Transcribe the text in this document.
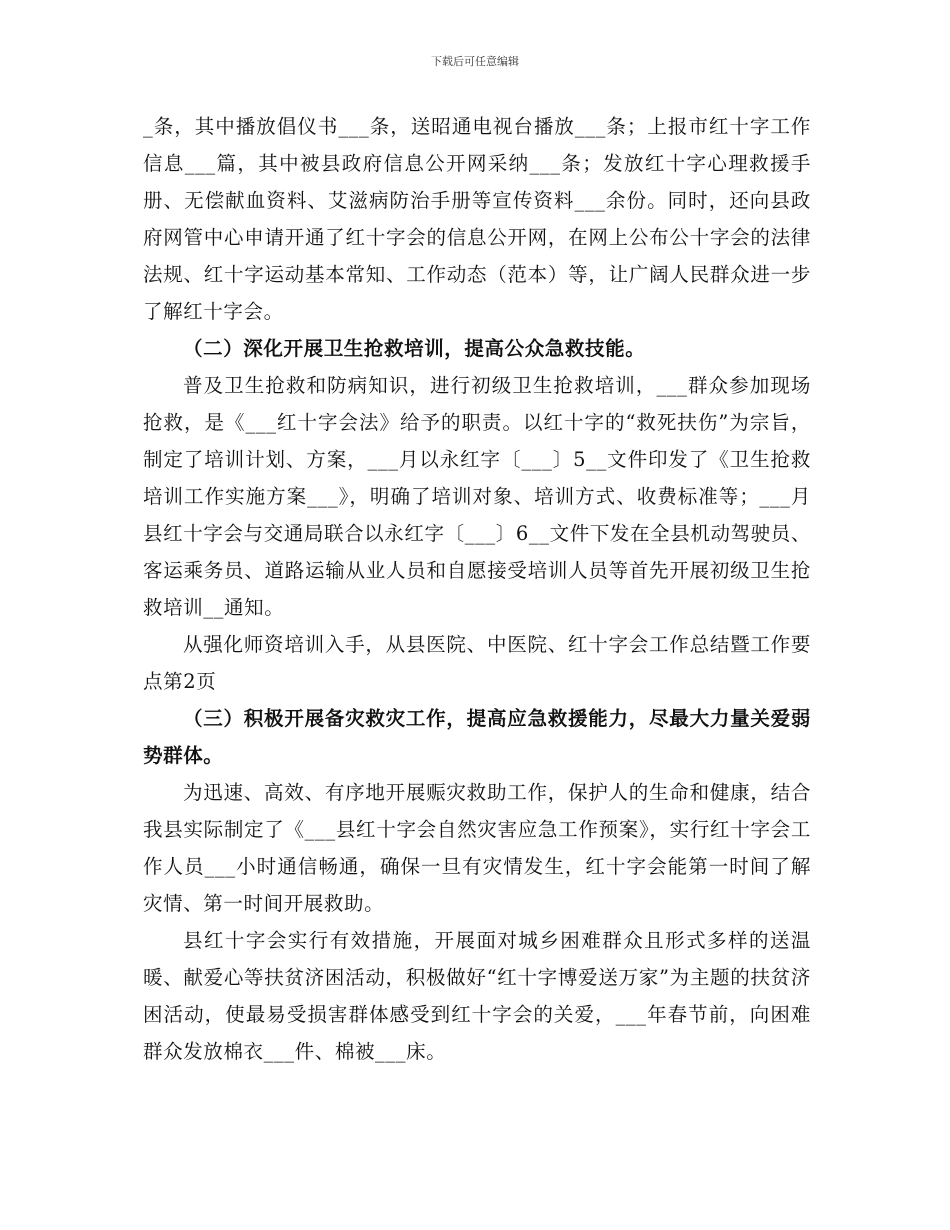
下载后可任意编辑

_条，其中播放倡仪书___条，送昭通电视台播放___条；上报市红十字工作信息___篇，其中被县政府信息公开网采纳___条；发放红十字心理救援手册、无偿献血资料、艾滋病防治手册等宣传资料___余份。同时，还向县政府网管中心申请开通了红十字会的信息公开网，在网上公布公十字会的法律法规、红十字运动基本常知、工作动态（范本）等，让广阔人民群众进一步了解红十字会。

（二）深化开展卫生抢救培训，提高公众急救技能。

普及卫生抢救和防病知识，进行初级卫生抢救培训，___群众参加现场抢救，是《___红十字会法》给予的职责。以红十字的“救死扶伤”为宗旨，制定了培训计划、方案，___月以永红字〔___〕5__文件印发了《卫生抢救培训工作实施方案___》，明确了培训对象、培训方式、收费标准等；___月县红十字会与交通局联合以永红字〔___〕6__文件下发在全县机动驾驶员、客运乘务员、道路运输从业人员和自愿接受培训人员等首先开展初级卫生抢救培训__通知。

从强化师资培训入手，从县医院、中医院、红十字会工作总结暨工作要点第2页

（三）积极开展备灾救灾工作，提高应急救援能力，尽最大力量关爱弱势群体。

为迅速、高效、有序地开展赈灾救助工作，保护人的生命和健康，结合我县实际制定了《___县红十字会自然灾害应急工作预案》，实行红十字会工作人员___小时通信畅通，确保一旦有灾情发生，红十字会能第一时间了解灾情、第一时间开展救助。

县红十字会实行有效措施，开展面对城乡困难群众且形式多样的送温暖、献爱心等扶贫济困活动，积极做好“红十字博爱送万家”为主题的扶贫济困活动，使最易受损害群体感受到红十字会的关爱，___年春节前，向困难群众发放棉衣___件、棉被___床。
